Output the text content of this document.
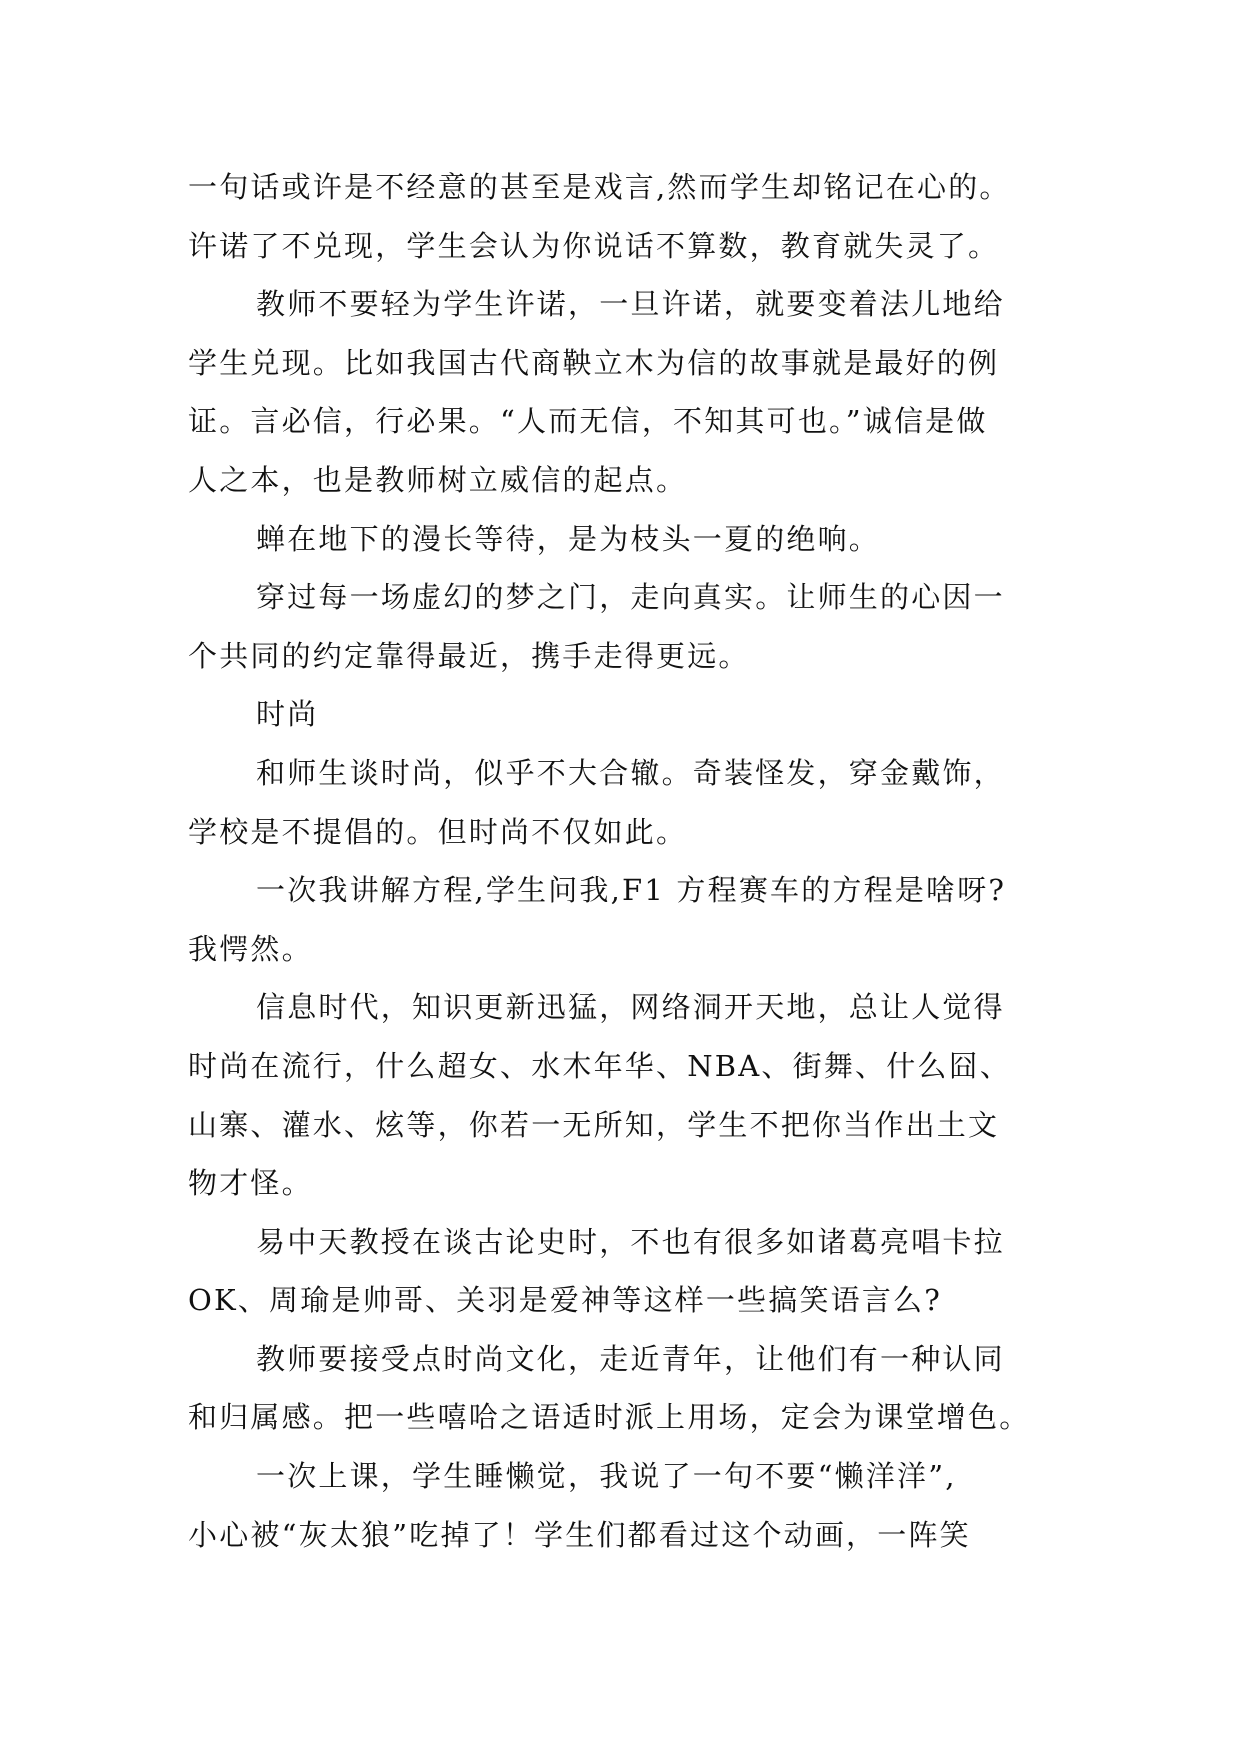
一句话或许是不经意的甚至是戏言,然而学生却铭记在心的。
许诺了不兑现，学生会认为你说话不算数，教育就失灵了。
教师不要轻为学生许诺，一旦许诺，就要变着法儿地给
学生兑现。比如我国古代商鞅立木为信的故事就是最好的例
证。言必信，行必果。“人而无信，不知其可也。”诚信是做
人之本，也是教师树立威信的起点。
蝉在地下的漫长等待，是为枝头一夏的绝响。
穿过每一场虚幻的梦之门，走向真实。让师生的心因一
个共同的约定靠得最近，携手走得更远。
时尚
和师生谈时尚，似乎不大合辙。奇装怪发，穿金戴饰，
学校是不提倡的。但时尚不仅如此。
一次我讲解方程,学生问我,F1 方程赛车的方程是啥呀?
我愕然。
信息时代，知识更新迅猛，网络洞开天地，总让人觉得
时尚在流行，什么超女、水木年华、NBA、街舞、什么囧、
山寨、灌水、炫等，你若一无所知，学生不把你当作出土文
物才怪。
易中天教授在谈古论史时，不也有很多如诸葛亮唱卡拉
OK、周瑜是帅哥、关羽是爱神等这样一些搞笑语言么?
教师要接受点时尚文化，走近青年，让他们有一种认同
和归属感。把一些嘻哈之语适时派上用场，定会为课堂增色。
一次上课，学生睡懒觉，我说了一句不要“懒洋洋”,
小心被“灰太狼”吃掉了！学生们都看过这个动画，一阵笑
